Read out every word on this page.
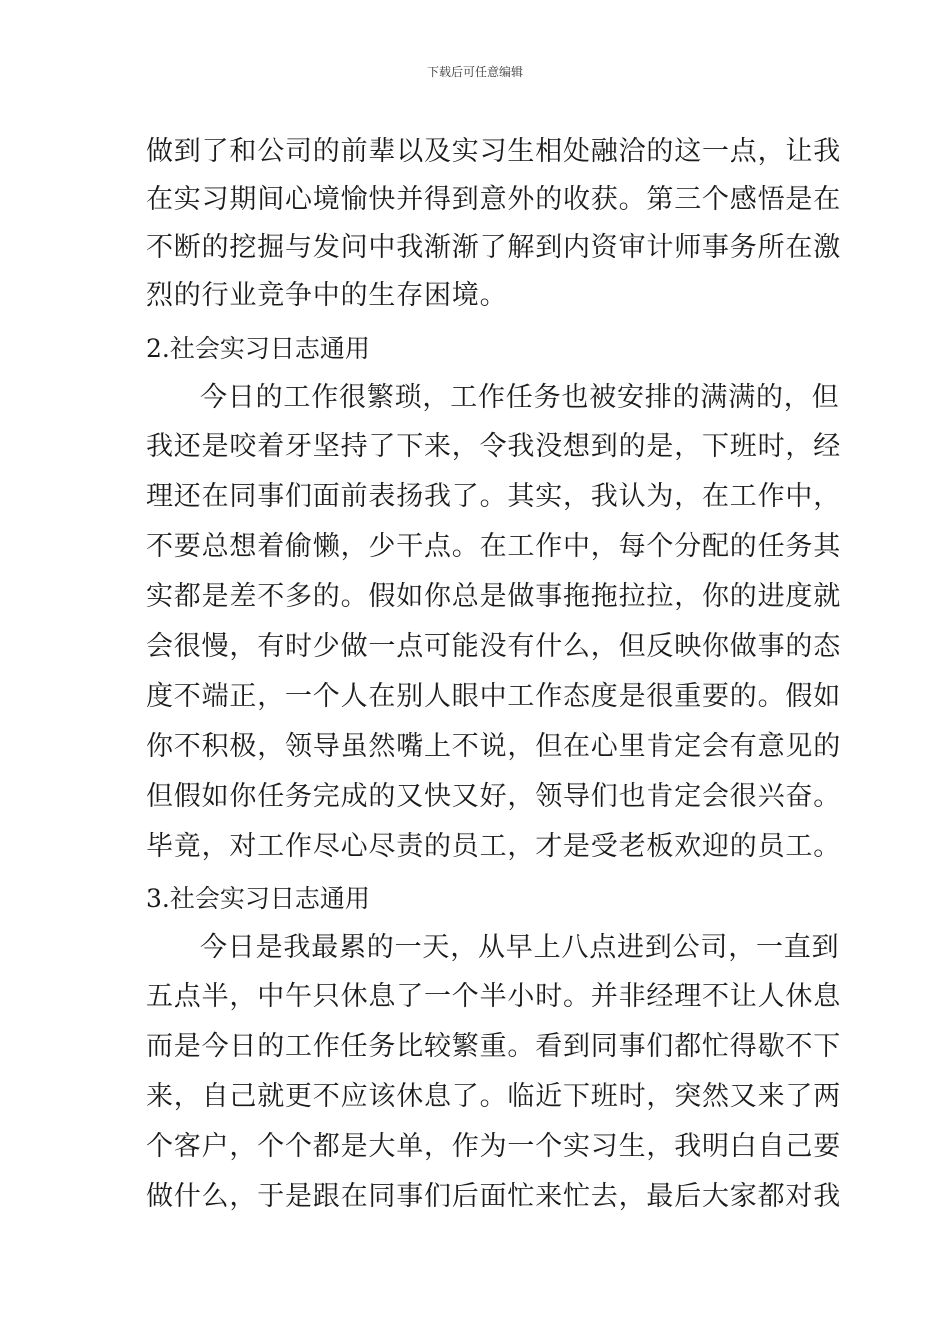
下载后可任意编辑
做到了和公司的前辈以及实习生相处融洽的这一点，让我
在实习期间心境愉快并得到意外的收获。第三个感悟是在
不断的挖掘与发问中我渐渐了解到内资审计师事务所在激
烈的行业竞争中的生存困境。
2.社会实习日志通用
今日的工作很繁琐，工作任务也被安排的满满的，但
我还是咬着牙坚持了下来，令我没想到的是，下班时，经
理还在同事们面前表扬我了。其实，我认为，在工作中，
不要总想着偷懒，少干点。在工作中，每个分配的任务其
实都是差不多的。假如你总是做事拖拖拉拉，你的进度就
会很慢，有时少做一点可能没有什么，但反映你做事的态
度不端正，一个人在别人眼中工作态度是很重要的。假如
你不积极，领导虽然嘴上不说，但在心里肯定会有意见的
但假如你任务完成的又快又好，领导们也肯定会很兴奋。
毕竟，对工作尽心尽责的员工，才是受老板欢迎的员工。
3.社会实习日志通用
今日是我最累的一天，从早上八点进到公司，一直到
五点半，中午只休息了一个半小时。并非经理不让人休息
而是今日的工作任务比较繁重。看到同事们都忙得歇不下
来，自己就更不应该休息了。临近下班时，突然又来了两
个客户，个个都是大单，作为一个实习生，我明白自己要
做什么，于是跟在同事们后面忙来忙去，最后大家都对我
